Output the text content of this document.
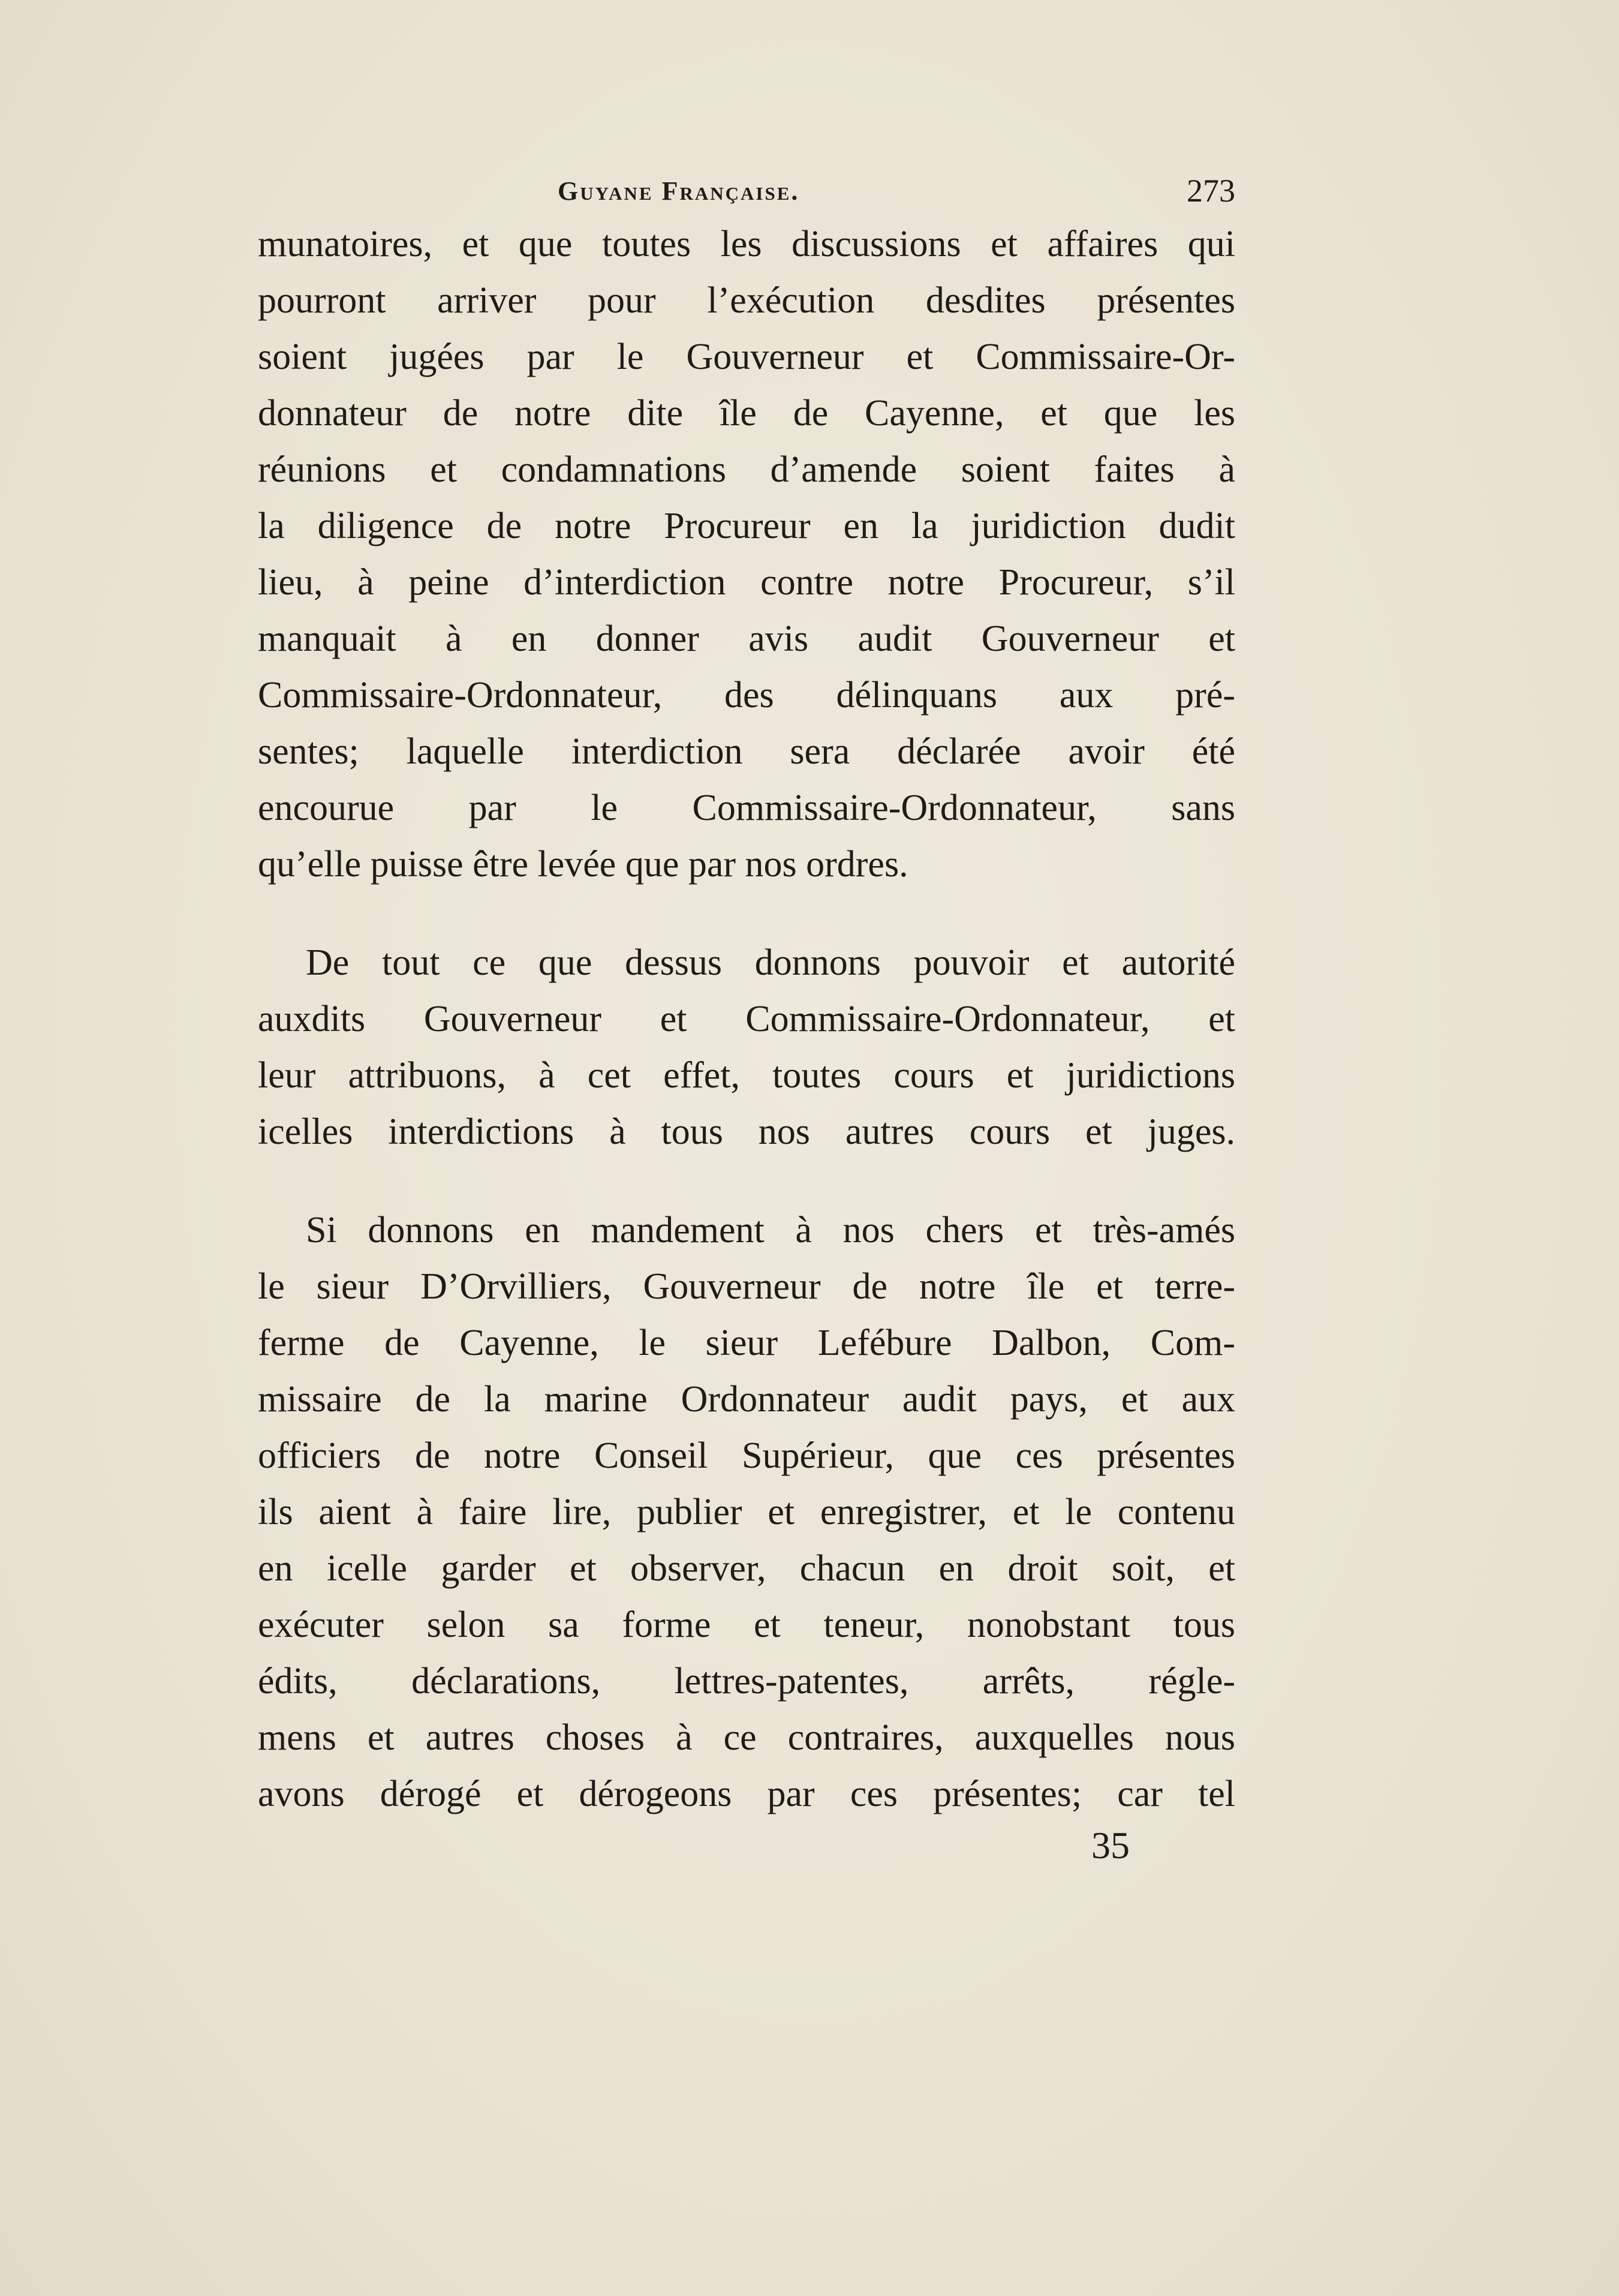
Guyane Française.	273
munatoires, et que toutes les discussions et affaires qui
pourront arriver pour l’exécution desdites présentes
soient jugées par le Gouverneur et Commissaire-Or-
donnateur de notre dite île de Cayenne, et que les
réunions et condamnations d’amende soient faites à
la diligence de notre Procureur en la juridiction dudit
lieu, à peine d’interdiction contre notre Procureur, s’il
manquait à en donner avis audit Gouverneur et
Commissaire-Ordonnateur, des délinquans aux pré-
sentes; laquelle interdiction sera déclarée avoir été
encourue par le Commissaire-Ordonnateur, sans
qu’elle puisse être levée que par nos ordres.
De tout ce que dessus donnons pouvoir et autorité
auxdits Gouverneur et Commissaire-Ordonnateur, et
leur attribuons, à cet effet, toutes cours et juridictions
icelles interdictions à tous nos autres cours et juges.
Si donnons en mandement à nos chers et très-amés
le sieur D’Orvilliers, Gouverneur de notre île et terre-
ferme de Cayenne, le sieur Lefébure Dalbon, Com-
missaire de la marine Ordonnateur audit pays, et aux
officiers de notre Conseil Supérieur, que ces présentes
ils aient à faire lire, publier et enregistrer, et le contenu
en icelle garder et observer, chacun en droit soit, et
exécuter selon sa forme et teneur, nonobstant tous
édits, déclarations, lettres-patentes, arrêts, régle-
mens et autres choses à ce contraires, auxquelles nous
avons dérogé et dérogeons par ces présentes; car tel
35
